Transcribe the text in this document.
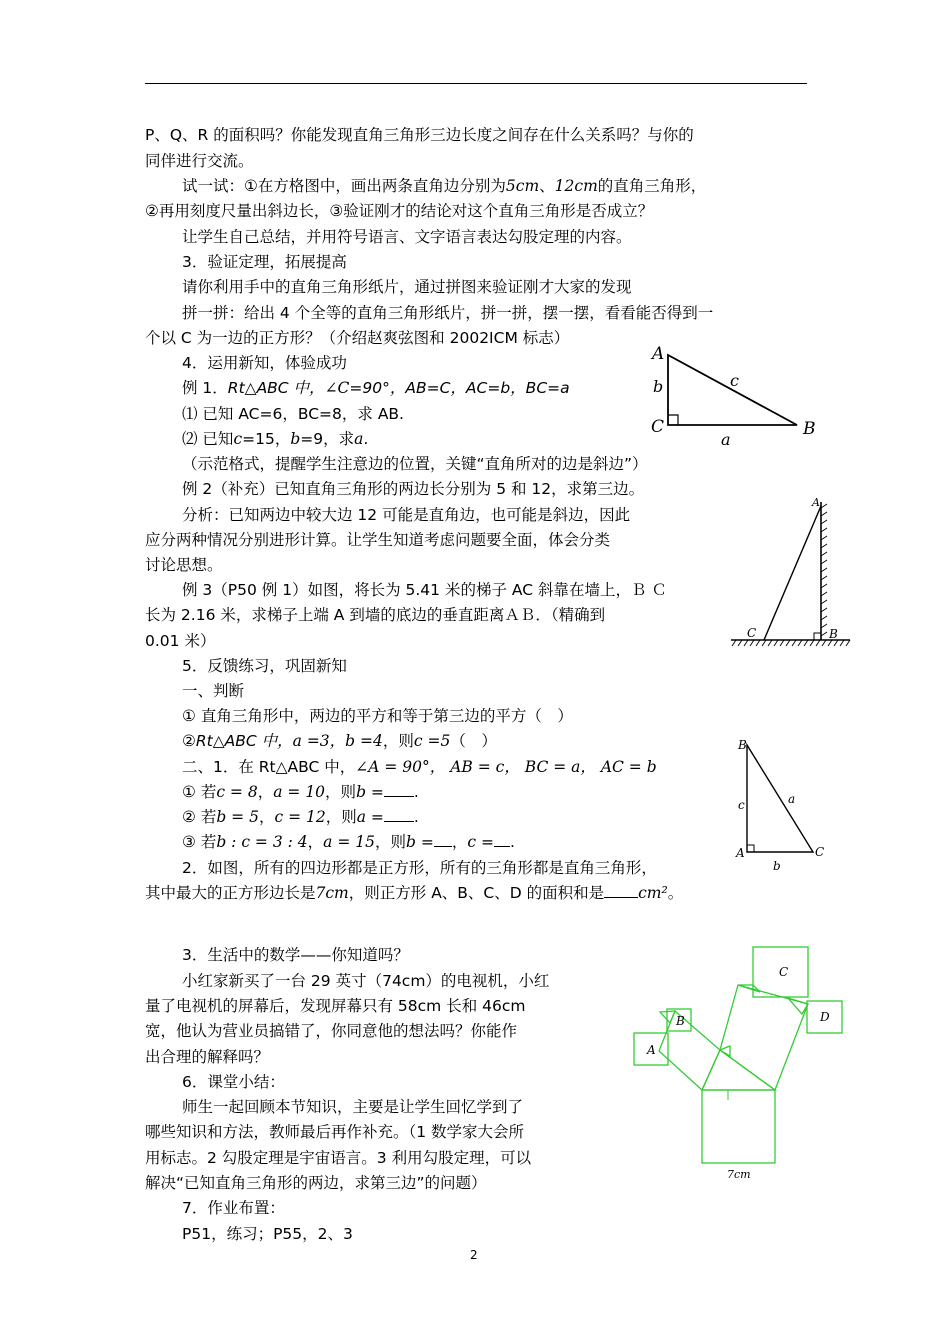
P、Q、R 的面积吗？你能发现直角三角形三边长度之间存在什么关系吗？与你的
同伴进行交流。
试一试：①在方格图中，画出两条直角边分别为5cm、12cm的直角三角形，
②再用刻度尺量出斜边长，③验证刚才的结论对这个直角三角形是否成立？
让学生自己总结，并用符号语言、文字语言表达勾股定理的内容。
3．验证定理，拓展提高
请你利用手中的直角三角形纸片，通过拼图来验证刚才大家的发现
拼一拼：给出 4 个全等的直角三角形纸片，拼一拼，摆一摆，看看能否得到一
个以 C 为一边的正方形？（介绍赵爽弦图和 2002ICM 标志）
4．运用新知，体验成功
例 1．Rt△ABC 中，∠C=90°，AB=C，AC=b，BC=a
⑴ 已知 AC=6，BC=8，求 AB.
⑵ 已知c=15，b=9，求a.
（示范格式，提醒学生注意边的位置，关键“直角所对的边是斜边”）
例 2（补充）已知直角三角形的两边长分别为 5 和 12，求第三边。
分析：已知两边中较大边 12 可能是直角边，也可能是斜边，因此
应分两种情况分别进形计算。让学生知道考虑问题要全面，体会分类
讨论思想。
例 3（P50 例 1）如图，将长为 5.41 米的梯子 AC 斜靠在墙上，Ｂ Ｃ
长为 2.16 米，求梯子上端 A 到墙的底边的垂直距离ＡＢ．（精确到
0.01 米）
5．反馈练习，巩固新知
一、判断
① 直角三角形中，两边的平方和等于第三边的平方（　）
②Rt△ABC 中，a =3，b =4，则c =5（　）
二、1．在 Rt△ABC 中，∠A = 90°， AB = c， BC = a， AC = b
① 若c = 8，a = 10，则b = .
② 若b = 5，c = 12，则a = .
③ 若b : c = 3 : 4，a = 15，则b = ，c = .
2．如图，所有的四边形都是正方形，所有的三角形都是直角三角形，
其中最大的正方形边长是7cm，则正方形 A、B、C、D 的面积和是 cm²。
3．生活中的数学——你知道吗？
小红家新买了一台 29 英寸（74cm）的电视机，小红
量了电视机的屏幕后，发现屏幕只有 58cm 长和 46cm
宽，他认为营业员搞错了，你同意他的想法吗？你能作
出合理的解释吗？
6．课堂小结：
师生一起回顾本节知识，主要是让学生回忆学到了
哪些知识和方法，教师最后再作补充。（1 数学家大会所
用标志。2 勾股定理是宇宙语言。3 利用勾股定理，可以
解决“已知直角三角形的两边，求第三边”的问题）
7．作业布置：
P51，练习；P55，2、3
2
A
b	c
C	B
a
A
C	B
B
c	a
A	C
b
C
D
B
A
7cm
